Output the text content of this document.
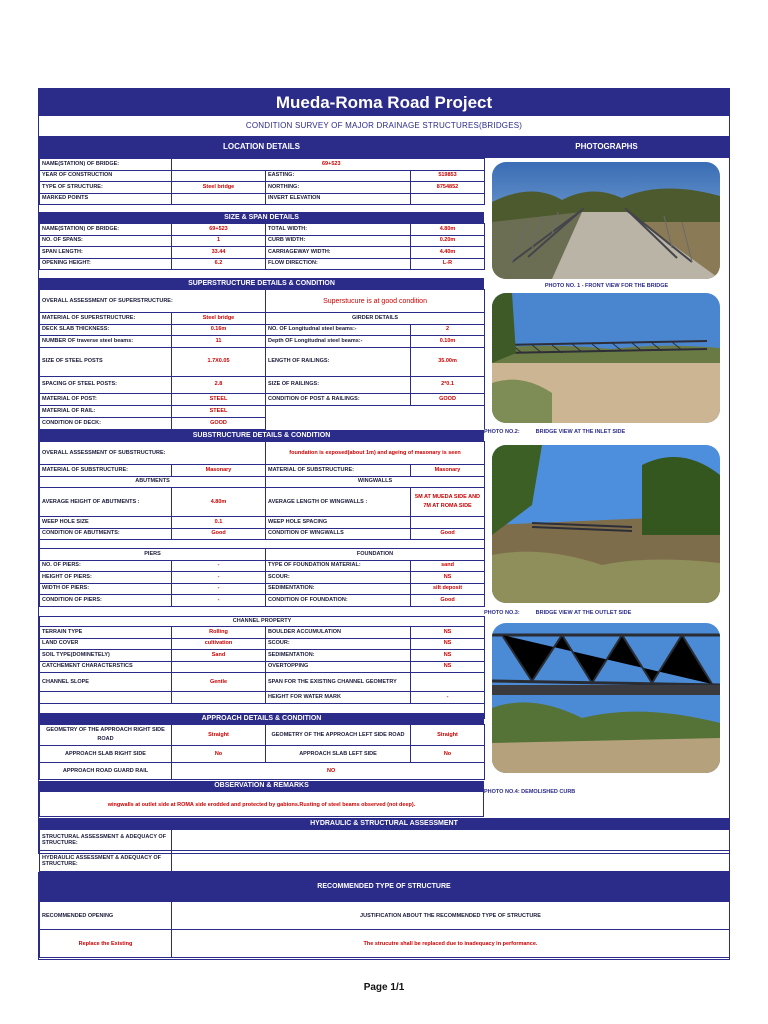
Mueda-Roma Road Project
CONDITION SURVEY OF MAJOR DRAINAGE STRUCTURES(BRIDGES)
LOCATION DETAILS	PHOTOGRAPHS
NAME(STATION) OF BRIDGE:	69+523		
YEAR OF CONSTRUCTION		EASTING:	519853
TYPE OF STRUCTURE:	Steel bridge	NORTHING:	8754852
MARKED POINTS		INVERT ELEVATION	
SIZE & SPAN DETAILS
NAME(STATION) OF BRIDGE:	69+523	TOTAL WIDTH:	4.80m
NO. OF SPANS:	1	CURB WIDTH:	0.20m
SPAN LENGTH:	33.44	CARRIAGEWAY WIDTH:	4.40m
OPENING HEIGHT:	6.2	FLOW DIRECTION:	L-R
SUPERSTRUCTURE DETAILS & CONDITION
OVERALL ASSESSMENT OF SUPERSTRUCTURE:		Superstucure is at good condition	
MATERIAL OF SUPERSTRUCTURE:	Steel bridge	GIRDER DETAILS	
DECK SLAB THICKNESS:	0.16m	NO. OF Longitudnal steel beams:-	2
NUMBER OF traverse steel beams:	11	Depth OF Longitudnal steel beams:-	0.10m
SIZE OF STEEL POSTS	1.7X0.05	LENGTH OF RAILINGS:	35.00m
SPACING OF STEEL POSTS:	2.8	SIZE OF RAILINGS:	2*0.1
MATERIAL OF POST:	STEEL	CONDITION OF POST & RAILINGS:	GOOD
MATERIAL OF RAIL:	STEEL		
CONDITION OF DECK:	GOOD		
SUBSTRUCTURE DETAILS & CONDITION
OVERALL ASSESSMENT OF SUBSTRUCTURE:		foundation is exposed(about 1m) and ageing of masonary is seen	
MATERIAL OF SUBSTRUCTURE:	Masonary	MATERIAL OF SUBSTRUCTURE:	Masonary
ABUTMENTS		WINGWALLS	
AVERAGE HEIGHT OF ABUTMENTS :	4.80m	AVERAGE LENGTH OF WINGWALLS :	5M AT MUEDA SIDE AND 7M AT ROMA SIDE
WEEP HOLE SIZE	0.1	WEEP HOLE SPACING	
CONDITION OF ABUTMENTS:	Good	CONDITION OF WINGWALLS	Good

PIERS		FOUNDATION	
NO. OF PIERS:	-	TYPE OF FOUNDATION MATERIAL:	sand
HEIGHT OF PIERS:	-	SCOUR:	NS
WIDTH OF PIERS:	-	SEDIMENTATION:	silt deposit
CONDITION OF PIERS:	-	CONDITION OF FOUNDATION:	Good
CHANNEL PROPERTY			
TERRAIN TYPE	Rolling	BOULDER ACCUMULATION	NS
LAND COVER	cultivation	SCOUR:	NS
SOIL TYPE(DOMINETELY)	Sand	SEDIMENTATION:	NS
CATCHEMENT CHARACTERSTICS		OVERTOPPING	NS
CHANNEL SLOPE	Gentle	SPAN FOR THE EXISTING CHANNEL GEOMETRY	
		HEIGHT FOR WATER MARK	-

APPROACH DETAILS & CONDITION
GEOMETRY OF THE APPROACH RIGHT SIDE ROAD	Straight	GEOMETRY OF THE APPROACH LEFT SIDE ROAD	Straight
APPROACH SLAB RIGHT SIDE	No	APPROACH SLAB LEFT SIDE	No
APPROACH ROAD GUARD RAIL	NO		
OBSERVATION & REMARKS
wingwalls at outlet side at ROMA side erodded and protected by gabions.Rusting of steel beams observed (not deep).
PHOTO NO. 1 - FRONT VIEW FOR THE BRIDGE
PHOTO NO.2:	BRIDGE VIEW AT THE INLET SIDE
PHOTO NO.3:	BRIDGE VIEW AT THE OUTLET SIDE
PHOTO NO.4: DEMOLISHED CURB
HYDRAULIC & STRUCTURAL ASSESSMENT
STRUCTURAL ASSESSMENT & ADEQUACY OF STRUCTURE:	
HYDRAULIC ASSESSMENT & ADEQUACY OF STRUCTURE:	
RECOMMENDED TYPE OF STRUCTURE
RECOMMENDED OPENING	JUSTIFICATION ABOUT THE RECOMMENDED TYPE OF STRUCTURE
Replace the Existing	The strucutre shall be replaced due to inadequacy in performance.
Page 1/1
